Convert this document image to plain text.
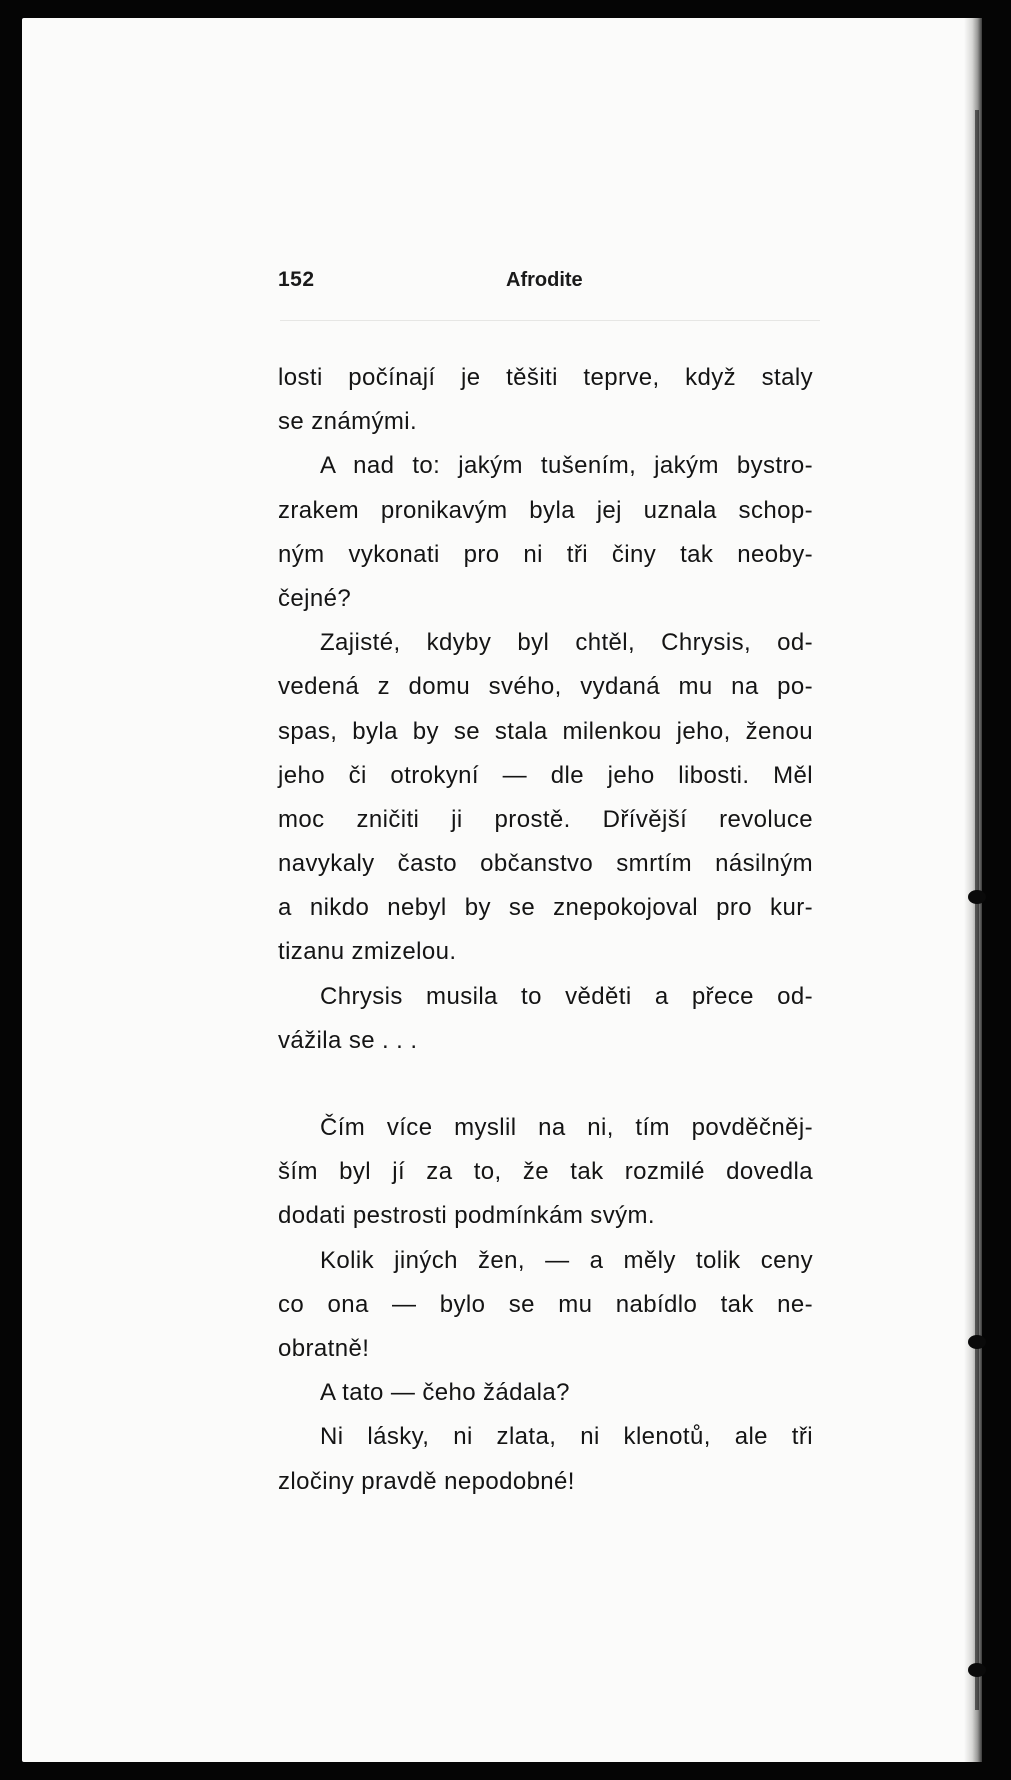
152	Afrodite
losti počínají je těšiti teprve, když staly
se známými.
A nad to: jakým tušením, jakým bystro-
zrakem pronikavým byla jej uznala schop-
ným vykonati pro ni tři činy tak neoby-
čejné?
Zajisté, kdyby byl chtěl, Chrysis, od-
vedená z domu svého, vydaná mu na po-
spas, byla by se stala milenkou jeho, ženou
jeho či otrokyní — dle jeho libosti. Měl
moc zničiti ji prostě. Dřívější revoluce
navykaly často občanstvo smrtím násilným
a nikdo nebyl by se znepokojoval pro kur-
tizanu zmizelou.
Chrysis musila to věděti a přece od-
vážila se . . .
Čím více myslil na ni, tím povděčněj-
ším byl jí za to, že tak rozmilé dovedla
dodati pestrosti podmínkám svým.
Kolik jiných žen, — a měly tolik ceny
co ona — bylo se mu nabídlo tak ne-
obratně!
A tato — čeho žádala?
Ni lásky, ni zlata, ni klenotů, ale tři
zločiny pravdě nepodobné!
